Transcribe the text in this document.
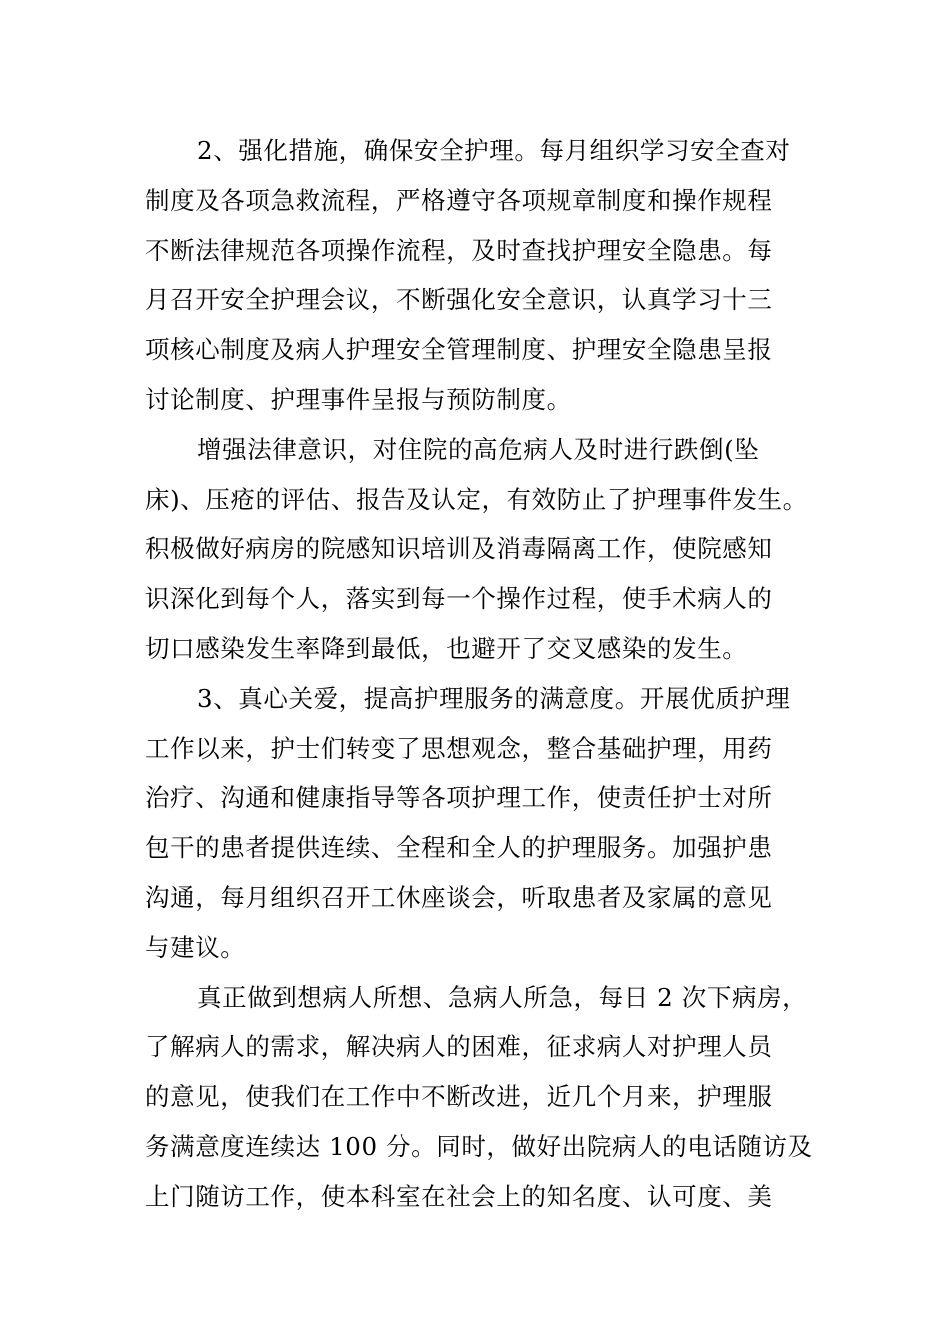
2、强化措施，确保安全护理。每月组织学习安全查对
制度及各项急救流程，严格遵守各项规章制度和操作规程
不断法律规范各项操作流程，及时查找护理安全隐患。每
月召开安全护理会议，不断强化安全意识，认真学习十三
项核心制度及病人护理安全管理制度、护理安全隐患呈报
讨论制度、护理事件呈报与预防制度。
增强法律意识，对住院的高危病人及时进行跌倒(坠
床)、压疮的评估、报告及认定，有效防止了护理事件发生。
积极做好病房的院感知识培训及消毒隔离工作，使院感知
识深化到每个人，落实到每一个操作过程，使手术病人的
切口感染发生率降到最低，也避开了交叉感染的发生。
3、真心关爱，提高护理服务的满意度。开展优质护理
工作以来，护士们转变了思想观念，整合基础护理，用药
治疗、沟通和健康指导等各项护理工作，使责任护士对所
包干的患者提供连续、全程和全人的护理服务。加强护患
沟通，每月组织召开工休座谈会，听取患者及家属的意见
与建议。
真正做到想病人所想、急病人所急，每日 2 次下病房，
了解病人的需求，解决病人的困难，征求病人对护理人员
的意见，使我们在工作中不断改进，近几个月来，护理服
务满意度连续达 100 分。同时，做好出院病人的电话随访及
上门随访工作，使本科室在社会上的知名度、认可度、美
